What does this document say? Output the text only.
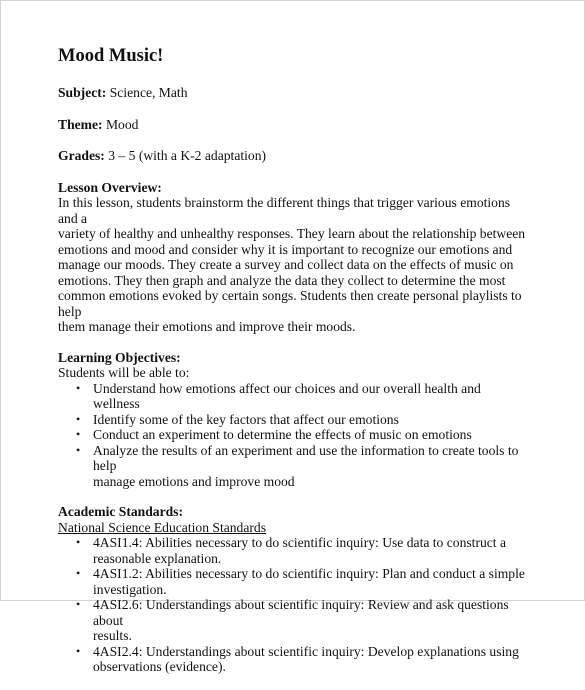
Mood Music!
Subject: Science, Math
Theme: Mood
Grades: 3 – 5 (with a K-2 adaptation)
Lesson Overview:
In this lesson, students brainstorm the different things that trigger various emotions and a
variety of healthy and unhealthy responses. They learn about the relationship between
emotions and mood and consider why it is important to recognize our emotions and
manage our moods. They create a survey and collect data on the effects of music on
emotions. They then graph and analyze the data they collect to determine the most
common emotions evoked by certain songs. Students then create personal playlists to help
them manage their emotions and improve their moods.
Learning Objectives:
Students will be able to:
• Understand how emotions affect our choices and our overall health and wellness
• Identify some of the key factors that affect our emotions
• Conduct an experiment to determine the effects of music on emotions
• Analyze the results of an experiment and use the information to create tools to help
manage emotions and improve mood
Academic Standards:
National Science Education Standards
• 4ASI1.4: Abilities necessary to do scientific inquiry: Use data to construct a
reasonable explanation.
• 4ASI1.2: Abilities necessary to do scientific inquiry: Plan and conduct a simple
investigation.
• 4ASI2.6: Understandings about scientific inquiry: Review and ask questions about
results.
• 4ASI2.4: Understandings about scientific inquiry: Develop explanations using
observations (evidence).
